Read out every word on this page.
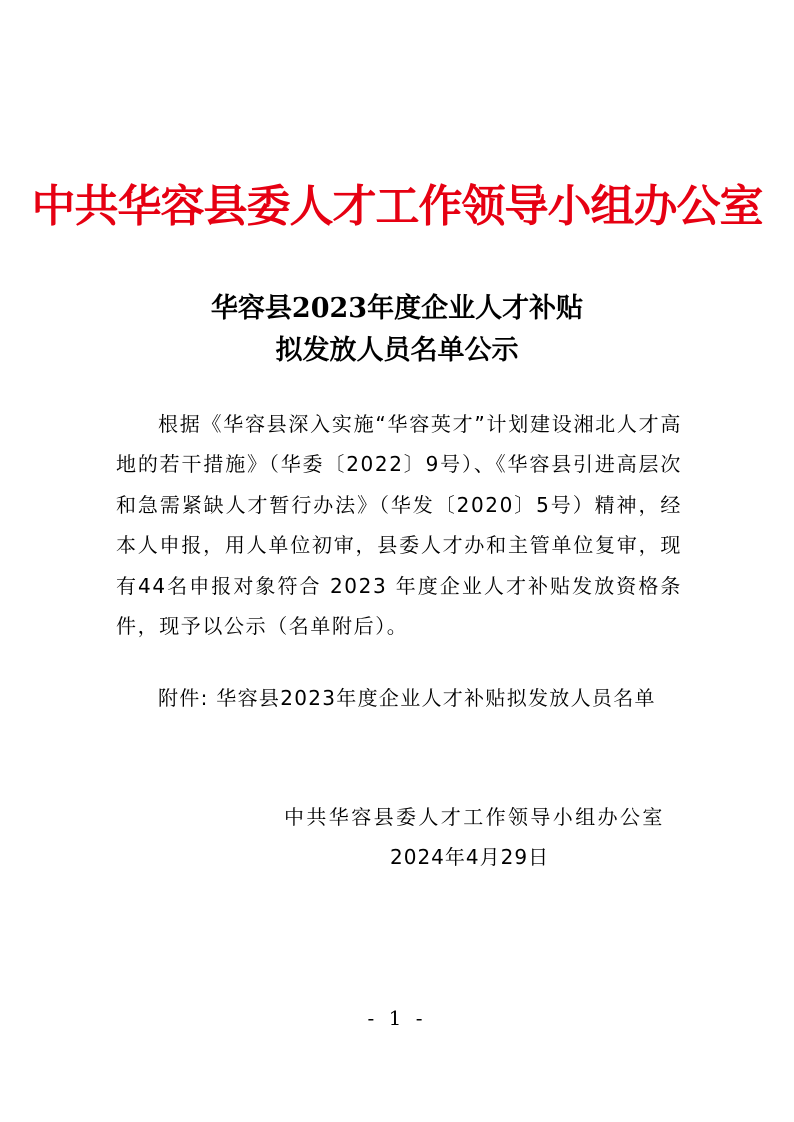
中共华容县委人才工作领导小组办公室
华容县2023年度企业人才补贴
拟发放人员名单公示
根据《华容县深入实施“华容英才”计划建设湘北人才高地的若干措施》（华委〔2022〕9号）、《华容县引进高层次和急需紧缺人才暂行办法》（华发〔2020〕5号）精神，经本人申报，用人单位初审，县委人才办和主管单位复审，现有44名申报对象符合 2023 年度企业人才补贴发放资格条件，现予以公示（名单附后）。
附件: 华容县2023年度企业人才补贴拟发放人员名单
中共华容县委人才工作领导小组办公室
2024年4月29日
- 1 -
